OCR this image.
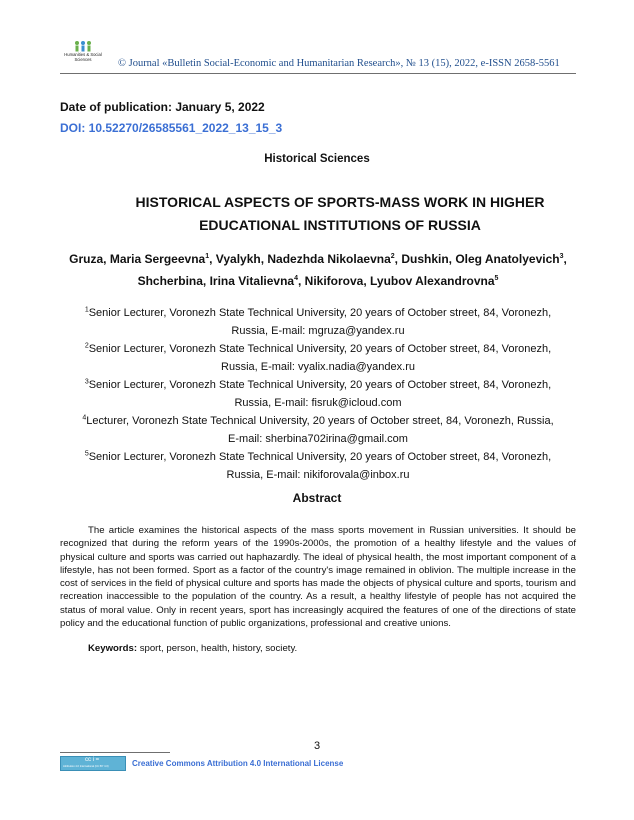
Humanities & Social
Sciences	© Journal «Bulletin Social-Economic and Humanitarian Research», № 13 (15), 2022, e-ISSN 2658-5561
Date of publication: January 5, 2022
DOI: 10.52270/26585561_2022_13_15_3
Historical Sciences
HISTORICAL ASPECTS OF SPORTS-MASS WORK IN HIGHER
EDUCATIONAL INSTITUTIONS OF RUSSIA
Gruza, Maria Sergeevna$^1$, Vyalykh, Nadezhda Nikolaevna$^2$, Dushkin, Oleg Anatolyevich$^3$, Shcherbina, Irina Vitalievna$^4$, Nikiforova, Lyubov Alexandrovna$^5$

$^1$Senior Lecturer, Voronezh State Technical University, 20 years of October street, 84, Voronezh,
Russia, E-mail: mgruza@yandex.ru

$^2$Senior Lecturer, Voronezh State Technical University, 20 years of October street, 84, Voronezh,
Russia, E-mail: vyalix.nadia@yandex.ru

$^3$Senior Lecturer, Voronezh State Technical University, 20 years of October street, 84, Voronezh,
Russia, E-mail: fisruk@icloud.com

$^4$Lecturer, Voronezh State Technical University, 20 years of October street, 84, Voronezh, Russia,
E-mail: sherbina702irina@gmail.com

$^5$Senior Lecturer, Voronezh State Technical University, 20 years of October street, 84, Voronezh,
Russia, E-mail: nikiforovala@inbox.ru

Abstract

The article examines the historical aspects of the mass sports movement in Russian universities. It should be recognized that during the reform years of the 1990s-2000s, the promotion of a healthy lifestyle and the values of physical culture and sports was carried out haphazardly. The ideal of physical health, the most important component of a lifestyle, has not been formed. Sport as a factor of the country's image remained in oblivion. The multiple increase in the cost of services in the field of physical culture and sports has made the objects of physical culture and sports, tourism and recreation inaccessible to the population of the country. As a result, a healthy lifestyle of people has not acquired the status of moral value. Only in recent years, sport has increasingly acquired the features of one of the directions of state policy and the educational function of public organizations, professional and creative unions.

Keywords: sport, person, health, history, society.
3
cc i =
Attribution 4.0 International (CC BY 4.0)	Creative Commons Attribution 4.0 International License
